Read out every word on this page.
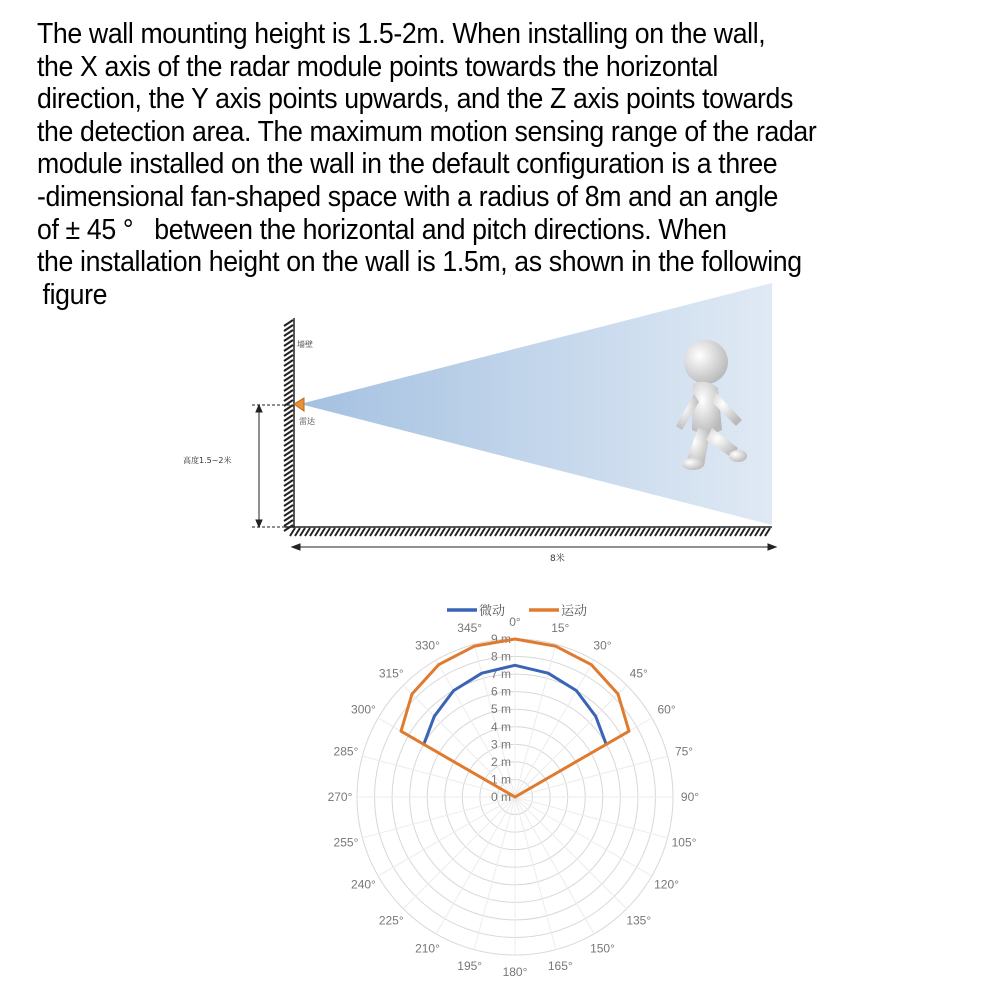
The wall mounting height is 1.5-2m. When installing on the wall,
the X axis of the radar module points towards the horizontal
direction, the Y axis points upwards, and the Z axis points towards
the detection area. The maximum motion sensing range of the radar
module installed on the wall in the default configuration is a three
-dimensional fan-shaped space with a radius of 8m and an angle
of ± 45 °   between the horizontal and pitch directions. When
the installation height on the wall is 1.5m, as shown in the following
figure
墙壁
雷达
高度1.5~2米
8米
微动	运动
0°	15°
30°
45°
60°
75°
90°
105°
120°
135°
150°
165°
180°
195°
210°
225°
240°
255°
270°
285°
300°
315°
330°
345°
0 m
1 m
2 m
3 m
4 m
5 m
6 m
7 m
8 m
9 m
